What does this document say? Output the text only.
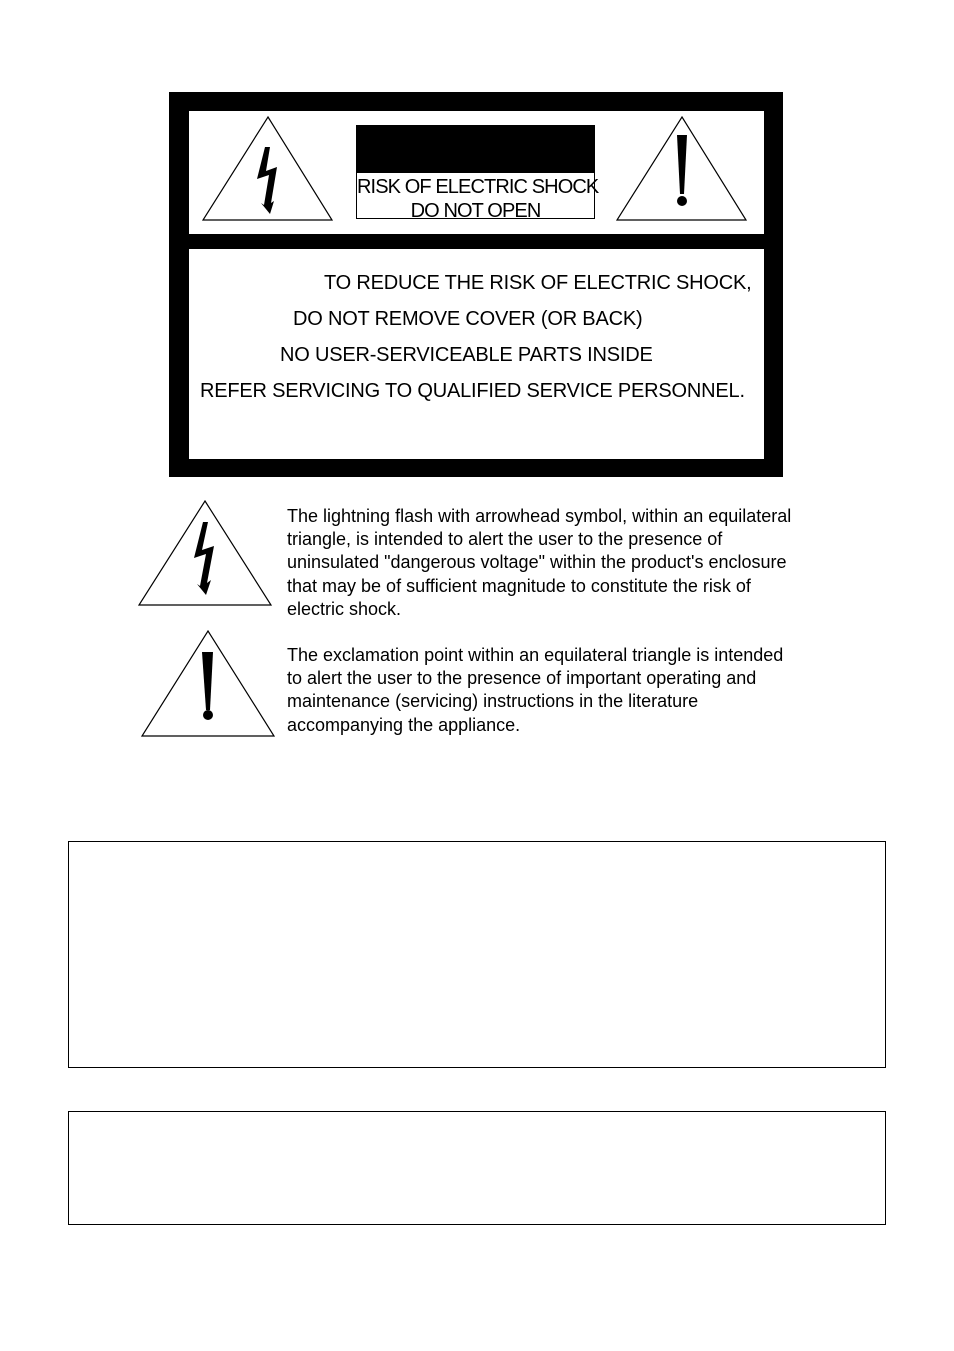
RISK OF ELECTRIC SHOCK
DO NOT OPEN
TO REDUCE THE RISK OF ELECTRIC SHOCK,
DO NOT REMOVE COVER (OR BACK)
NO USER-SERVICEABLE PARTS INSIDE
REFER SERVICING TO QUALIFIED SERVICE PERSONNEL.
The lightning flash with arrowhead symbol, within an equilateral triangle, is intended to alert the user to the presence of uninsulated "dangerous voltage" within the product's enclosure that may be of sufficient magnitude to constitute the risk of electric shock.
The exclamation point within an equilateral triangle is intended to alert the user to the presence of important operating and maintenance (servicing) instructions in the literature accompanying the appliance.
